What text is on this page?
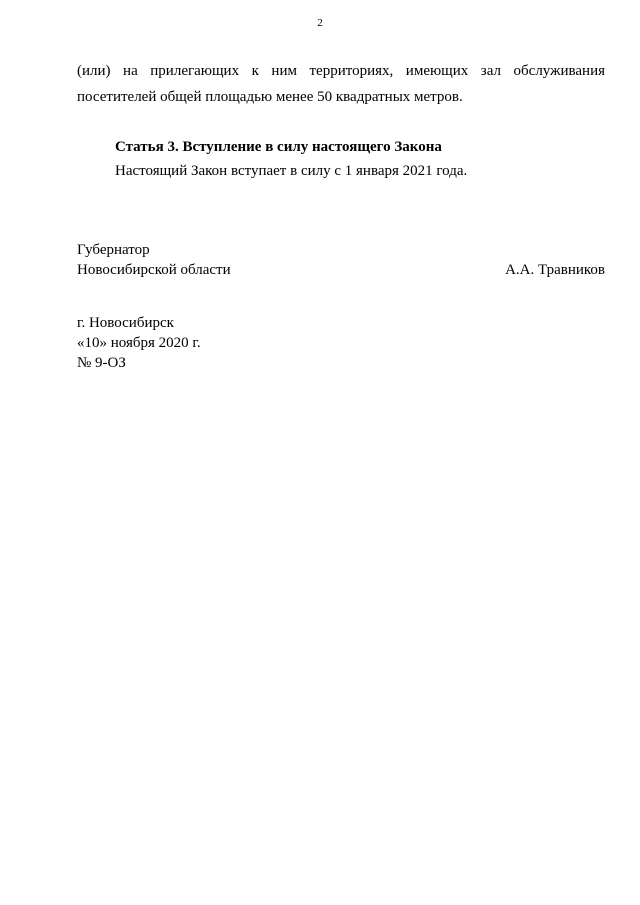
2
(или) на прилегающих к ним территориях, имеющих зал обслуживания
посетителей общей площадью менее 50 квадратных метров.
Статья 3. Вступление в силу настоящего Закона
Настоящий Закон вступает в силу с 1 января 2021 года.
Губернатор
Новосибирской области	А.А. Травников
г. Новосибирск
«10» ноября 2020 г.
№ 9-ОЗ
